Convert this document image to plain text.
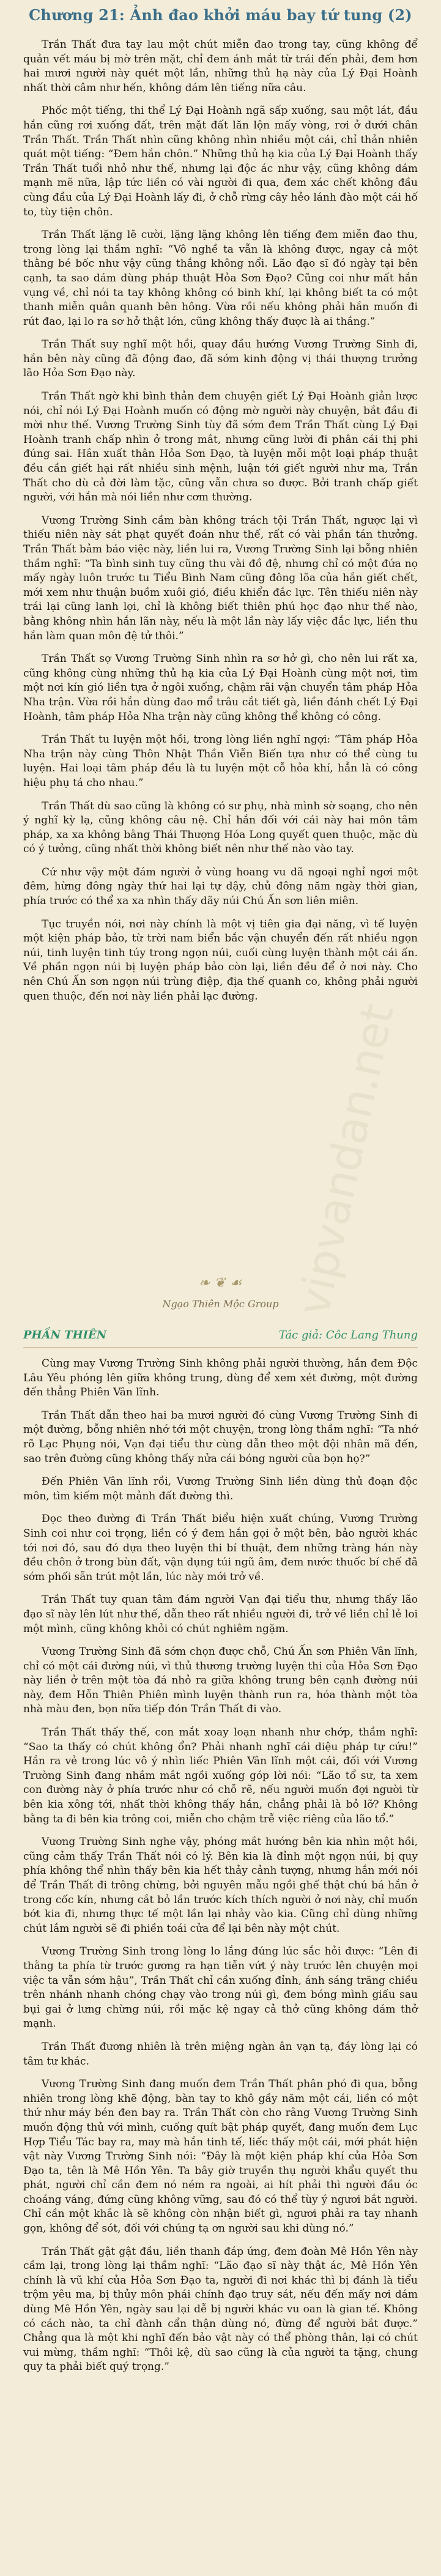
Chương 21: Ảnh đao khởi máu bay tứ tung (2)

Trần Thất đưa tay lau một chút miễn đao trong tay, cũng không để quản vết máu bị mờ trên mặt, chỉ đem ánh mắt từ trái đến phải, đem hơn hai mươi người này quét một lần, những thủ hạ này của Lý Đại Hoành nhất thời câm như hến, không dám lên tiếng nữa câu.

Phốc một tiếng, thi thể Lý Đại Hoành ngã sấp xuống, sau một lát, đầu hắn cũng rơi xuống đất, trên mặt đất lăn lộn mấy vòng, rơi ở dưới chân Trần Thất. Trần Thất nhìn cũng không nhìn nhiều một cái, chỉ thản nhiên quát một tiếng: “Đem hắn chôn.” Những thủ hạ kia của Lý Đại Hoành thấy Trần Thất tuổi nhỏ như thế, nhưng lại độc ác như vậy, cũng không dám mạnh mẽ nữa, lập tức liền có vài người đi qua, đem xác chết không đầu cùng đầu của Lý Đại Hoành lấy đi, ở chỗ rừng cây hẻo lánh đào một cái hố to, tùy tiện chôn.

Trần Thất lặng lẽ cười, lặng lặng không lên tiếng đem miễn đao thu, trong lòng lại thầm nghĩ: “Vô nghề ta vẫn là không được, ngay cả một thằng bé bốc như vậy cũng thắng không nổi. Lão đạo sĩ đó ngày tại bên cạnh, ta sao dám dùng pháp thuật Hỏa Sơn Đạo? Cũng coi như mất hắn vụng về, chỉ nói ta tay không không có binh khí, lại không biết ta có một thanh miễn quân quanh bên hông. Vừa rồi nếu không phải hắn muốn đi rút đao, lại lo ra sơ hở thật lớn, cũng không thấy được là ai thắng.”

Trần Thất suy nghĩ một hồi, quay đầu hướng Vương Trường Sinh đi, hắn bên này cũng đã động đao, đã sớm kinh động vị thái thượng trưởng lão Hỏa Sơn Đạo này.

Trần Thất ngờ khi bình thản đem chuyện giết Lý Đại Hoành giản lược nói, chỉ nói Lý Đại Hoành muốn có động mờ người này chuyện, bắt đầu đi mời như thế. Vương Trường Sinh tùy đã sớm đem Trần Thất cùng Lý Đại Hoành tranh chấp nhìn ở trong mắt, nhưng cũng lười đi phân cái thị phi đúng sai. Hắn xuất thân Hỏa Sơn Đạo, tà luyện mỗi một loại pháp thuật đều cần giết hại rất nhiều sinh mệnh, luận tới giết người như ma, Trần Thất cho dù cả đời làm tặc, cũng vẫn chưa so được. Bởi tranh chấp giết người, với hắn mà nói liền như cơm thường.

Vương Trường Sinh cầm bàn không trách tội Trần Thất, ngược lại vì thiếu niên này sát phạt quyết đoán như thế, rất có vài phần tán thưởng. Trần Thất bảm báo việc này, liền lui ra, Vương Trường Sinh lại bỗng nhiên thầm nghĩ: “Ta bình sinh tuy cũng thu vài đồ đệ, nhưng chỉ có một đứa nọ mấy ngày luôn trước tu Tiểu Bình Nam cũng đông lõa của hắn giết chết, mới xem như thuận buồm xuôi gió, điều khiển đắc lực. Tên thiếu niên này trái lại cũng lanh lợi, chỉ là không biết thiên phú học đạo như thế nào, bằng không nhìn hắn lãn này, nếu là một lần này lấy việc đắc lực, liền thu hắn làm quan môn đệ tử thôi.”

Trần Thất sợ Vương Trường Sinh nhìn ra sơ hở gì, cho nên lui rất xa, cũng không cùng những thủ hạ kia của Lý Đại Hoành cùng một nơi, tìm một nơi kín gió liền tựa ở ngôi xuống, chậm rãi vận chuyển tâm pháp Hỏa Nha trận. Vừa rồi hắn dùng đao mổ trâu cắt tiết gà, liền đánh chết Lý Đại Hoành, tâm pháp Hỏa Nha trận này cũng không thể không có công.

Trần Thất tu luyện một hồi, trong lòng liền nghĩ ngợi: “Tâm pháp Hỏa Nha trận này cùng Thôn Nhật Thần Viễn Biến tựa như có thể cùng tu luyện. Hai loại tâm pháp đều là tu luyện một cỗ hỏa khí, hẳn là có công hiệu phụ tá cho nhau.”

Trần Thất dù sao cũng là không có sư phụ, nhà mình sờ soạng, cho nên ý nghĩ kỳ lạ, cũng không câu nệ. Chỉ hắn đối với cái này hai môn tâm pháp, xa xa không bằng Thái Thượng Hóa Long quyết quen thuộc, mặc dù có ý tưởng, cũng nhất thời không biết nên như thế nào vào tay.

Cứ như vậy một đám người ở vùng hoang vu dã ngoại nghỉ ngơi một đêm, hừng đông ngày thứ hai lại tự dậy, chủ đông năm ngày thời gian, phía trước có thể xa xa nhìn thấy dãy núi Chú Ấn sơn liên miên.

Tục truyền nói, nơi này chính là một vị tiên gia đại năng, vì tế luyện một kiện pháp bảo, từ trời nam biển bắc vận chuyển đến rất nhiều ngọn núi, tinh luyện tinh túy trong ngọn núi, cuối cùng luyện thành một cái ấn. Về phần ngọn núi bị luyện pháp bảo còn lại, liền đều để ở nơi này. Cho nên Chú Ấn sơn ngọn núi trùng điệp, địa thế quanh co, không phải người quen thuộc, đến nơi này liền phải lạc đường.

vipvandan.net
❧ ❦ ☙
Ngạo Thiên Mộc Group
PHẦN THIÊN	Tác giả: Côc Lang Thung

Cùng may Vương Trường Sinh không phải người thường, hắn đem Độc Lâu Yêu phóng lên giữa không trung, dùng để xem xét đường, một đường đến thẳng Phiên Vân lĩnh.

Trần Thất dẫn theo hai ba mươi người đó cùng Vương Trường Sinh đi một đường, bỗng nhiên nhớ tới một chuyện, trong lòng thầm nghĩ: “Ta nhớ rõ Lạc Phụng nói, Vạn đại tiểu thư cùng dẫn theo một đội nhân mã đến, sao trên đường cũng không thấy nửa cái bóng người của bọn họ?”

Đến Phiên Vân lĩnh rồi, Vương Trường Sinh liền dùng thủ đoạn độc môn, tìm kiếm một mảnh đất đường thì.

Đọc theo đường đi Trần Thất biểu hiện xuất chúng, Vương Trường Sinh coi như coi trọng, liền có ý đem hắn gọi ở một bên, bảo người khác tới nơi đó, sau đó dựa theo luyện thi bí thuật, đem những tràng hán này đều chôn ở trong bùn đất, vận dụng túi ngũ âm, đem nước thuốc bí chế đã sớm phối sẵn trút một lần, lúc này mới trở về.

Trần Thất tuy quan tâm đám người Vạn đại tiểu thư, nhưng thấy lão đạo sĩ này lên lút như thế, dẫn theo rất nhiều người đi, trở về liền chỉ lẻ loi một mình, cũng không khỏi có chút nghiêm ngặm.

Vương Trường Sinh đã sớm chọn được chỗ, Chú Ấn sơn Phiên Vân lĩnh, chỉ có một cái đường núi, vì thủ thương trường luyện thi của Hỏa Sơn Đạo này liền ở trên một tòa đá nhỏ ra giữa không trung bên cạnh đường núi này, đem Hỗn Thiên Phiên mình luyện thành run ra, hóa thành một tòa nhà màu đen, bọn nữa tiếp đón Trần Thất đi vào.

Trần Thất thấy thế, con mắt xoay loạn nhanh như chớp, thầm nghĩ: “Sao ta thấy có chút không ổn? Phải nhanh nghĩ cái diệu pháp tự cứu!” Hắn ra vẻ trong lúc vô ý nhìn liếc Phiên Vân lĩnh một cái, đối với Vương Trường Sinh đang nhắm mắt ngồi xuống góp lời nói: “Lão tổ sư, ta xem con đường này ở phía trước như có chỗ rẽ, nếu người muốn đợi người từ bên kia xông tới, nhất thời không thấy hắn, chẳng phải là bỏ lỡ? Không bằng ta đi bên kia trông coi, miễn cho chậm trễ việc riêng của lão tổ.”

Vương Trường Sinh nghe vậy, phóng mắt hướng bên kia nhìn một hồi, cũng cảm thấy Trần Thất nói có lý. Bên kia là đỉnh một ngọn núi, bị quy phía không thể nhìn thấy bên kia hết thảy cảnh tượng, nhưng hắn mới nói để Trần Thất đi trông chừng, bởi nguyên mẫu ngồi ghế thật chú bá hắn ở trong cốc kín, nhưng cắt bỏ lần trước kích thích người ở nơi này, chỉ muốn bớt kia đi, nhưng thực tế một lần lại nhảy vào kia. Cũng chỉ dùng những chút lắm người sẽ đi phiền toái cửa để lại bên này một chút.

Vương Trường Sinh trong lòng lo lắng đúng lúc sắc hỏi được: “Lên đi thằng ta phía từ trước gương ra hạn tiễn vứt ý này trước lên chuyện mọi việc ta vẫn sớm hậu”, Trần Thất chỉ cần xuống đỉnh, ánh sáng trăng chiều trên nhánh nhanh chóng chạy vào trong núi gì, đem bóng mình giấu sau bụi gai ở lưng chừng núi, rồi mặc kệ ngay cả thở cũng không dám thở mạnh.

Trần Thất đương nhiên là trên miệng ngàn ân vạn tạ, đáy lòng lại có tâm tư khác.

Vương Trường Sinh đang muốn đem Trần Thất phân phó đi qua, bỗng nhiên trong lòng khẽ động, bàn tay to khô gầy năm một cái, liền có một thứ như máy bén đen bay ra. Trần Thất còn cho rằng Vương Trường Sinh muốn động thủ với mình, cuống quít bật pháp quyết, đang muốn đem Lục Hợp Tiểu Tác bay ra, may mà hắn tinh tế, liếc thấy một cái, mới phát hiện vật này Vương Trường Sinh nói: “Đây là một kiện pháp khí của Hỏa Sơn Đạo ta, tên là Mê Hồn Yên. Ta bây giờ truyền thụ người khẩu quyết thu phát, người chỉ cần đem nó ném ra ngoài, ai hít phải thì người đầu óc choáng váng, đứng cũng không vững, sau đó có thể tùy ý ngươi bắt người. Chỉ cần một khắc là sẽ không còn nhận biết gì, ngươi phải ra tay nhanh gọn, không để sót, đối với chúng tạ ơn người sau khi dùng nó.”

Trần Thất gật gật đầu, liền thanh đáp ứng, đem đoàn Mê Hồn Yên này cầm lại, trong lòng lại thầm nghĩ: “Lão đạo sĩ này thật ác, Mê Hồn Yên chính là vũ khí của Hỏa Sơn Đạo ta, người đi nơi khác thì bị đánh là tiểu trộm yêu ma, bị thủy môn phái chính đạo truy sát, nếu đến mấy nơi dám dùng Mê Hồn Yên, ngày sau lại dễ bị người khác vu oan là gian tế. Không có cách nào, ta chỉ đành cẩn thận dùng nó, đừng để người bắt được.” Chẳng qua là một khi nghĩ đến bảo vật này có thể phòng thân, lại có chút vui mừng, thầm nghĩ: “Thôi kệ, dù sao cũng là của người ta tặng, chung quy ta phải biết quý trọng.”
